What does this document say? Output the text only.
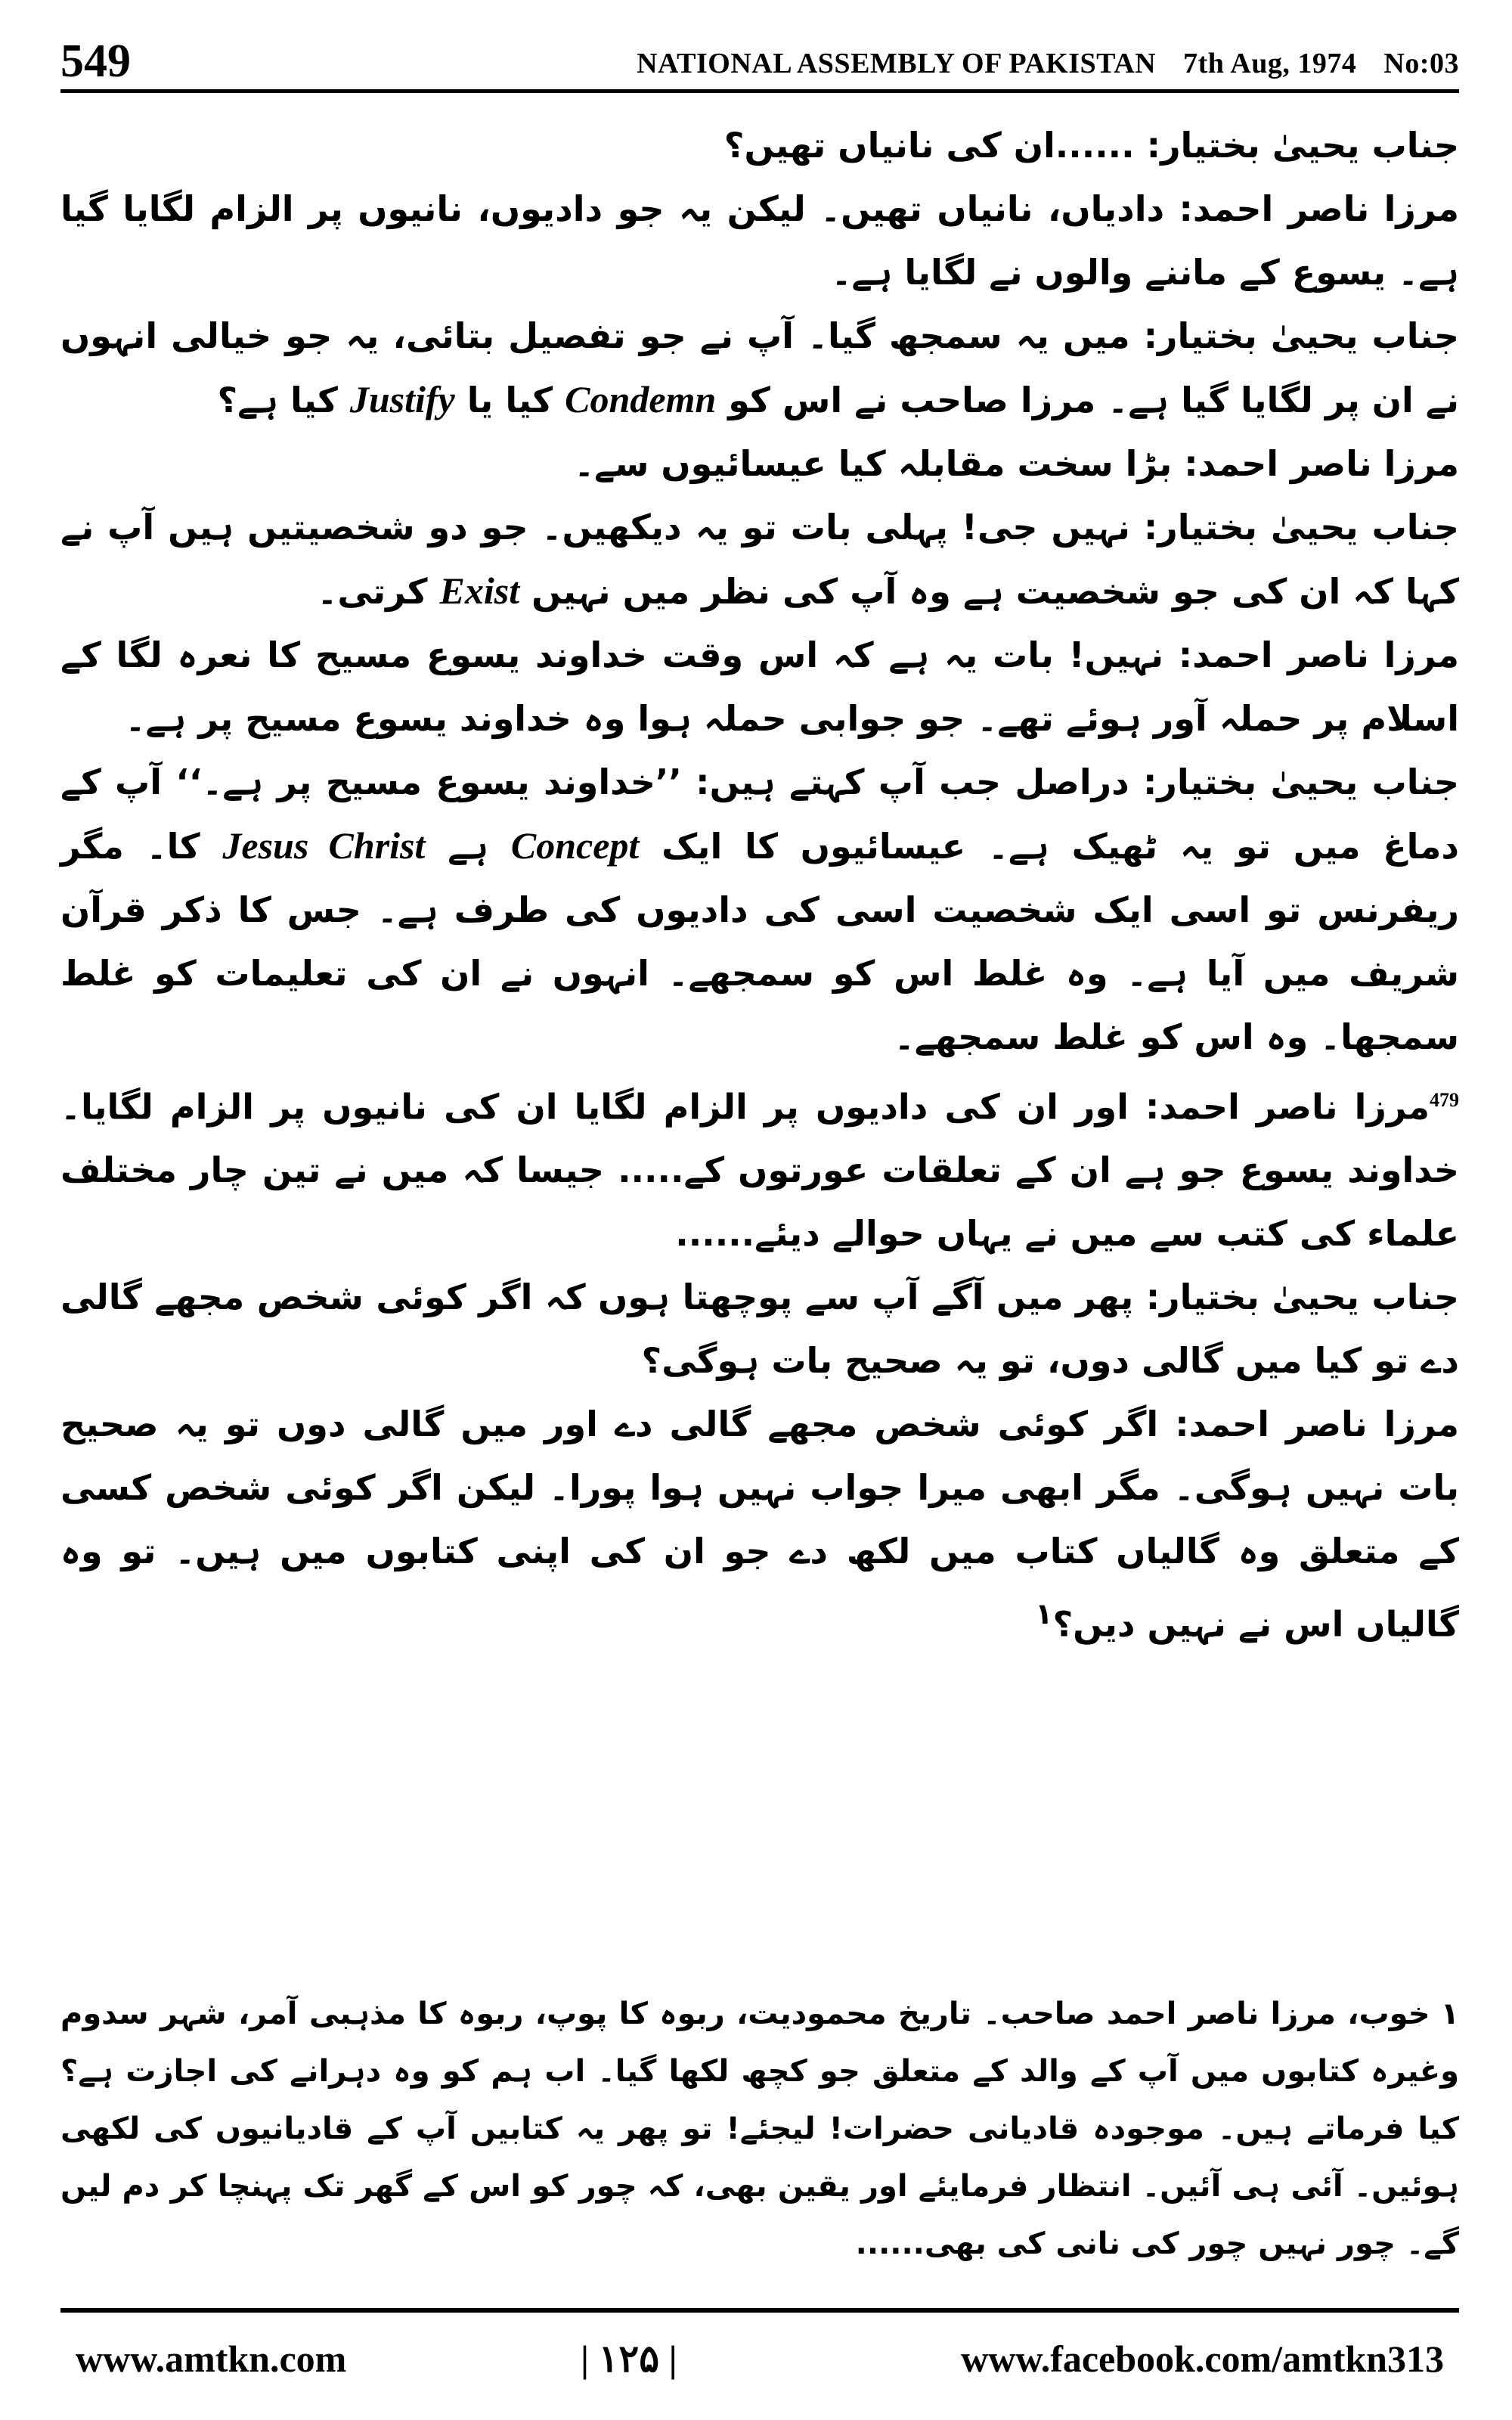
549	NATIONAL ASSEMBLY OF PAKISTAN 7th Aug, 1974 No:03

جناب یحییٰ بختیار : ......ان کی نانیاں تھیں؟

مرزا ناصر احمد : دادیاں، نانیاں تھیں۔ لیکن یہ جو دادیوں، نانیوں پر الزام لگایا گیا ہے۔ یسوع کے ماننے والوں نے لگایا ہے۔

جناب یحییٰ بختیار : میں یہ سمجھ گیا۔ آپ نے جو تفصیل بتائی، یہ جو خیالی انہوں نے ان پر لگایا گیا ہے۔ مرزا صاحب نے اس کو Condemn کیا یا Justify کیا ہے؟

مرزا ناصر احمد : بڑا سخت مقابلہ کیا عیسائیوں سے۔

جناب یحییٰ بختیار : نہیں جی! پہلی بات تو یہ دیکھیں۔ جو دو شخصیتیں ہیں آپ نے کہا کہ ان کی جو شخصیت ہے وہ آپ کی نظر میں نہیں Exist کرتی۔

مرزا ناصر احمد : نہیں! بات یہ ہے کہ اس وقت خداوند یسوع مسیح کا نعرہ لگا کے اسلام پر حملہ آور ہوئے تھے۔ جو جوابی حملہ ہوا وہ خداوند یسوع مسیح پر ہے۔

جناب یحییٰ بختیار : دراصل جب آپ کہتے ہیں: ’’خداوند یسوع مسیح پر ہے۔‘‘ آپ کے دماغ میں تو یہ ٹھیک ہے۔ عیسائیوں کا ایک Concept ہے Jesus Christ کا۔ مگر ریفرنس تو اسی ایک شخصیت اسی کی دادیوں کی طرف ہے۔ جس کا ذکر قرآن شریف میں آیا ہے۔ وہ غلط اس کو سمجھے۔ انہوں نے ان کی تعلیمات کو غلط سمجھا۔ وہ اس کو غلط سمجھے۔

$^{479}$مرزا ناصر احمد : اور ان کی دادیوں پر الزام لگایا ان کی نانیوں پر الزام لگایا۔ خداوند یسوع جو ہے ان کے تعلقات عورتوں کے..... جیسا کہ میں نے تین چار مختلف علماء کی کتب سے میں نے یہاں حوالے دیئے......

جناب یحییٰ بختیار : پھر میں آگے آپ سے پوچھتا ہوں کہ اگر کوئی شخص مجھے گالی دے تو کیا میں گالی دوں، تو یہ صحیح بات ہوگی؟

مرزا ناصر احمد : اگر کوئی شخص مجھے گالی دے اور میں گالی دوں تو یہ صحیح بات نہیں ہوگی۔ مگر ابھی میرا جواب نہیں ہوا پورا۔ لیکن اگر کوئی شخص کسی کے متعلق وہ گالیاں کتاب میں لکھ دے جو ان کی اپنی کتابوں میں ہیں۔ تو وہ گالیاں اس نے نہیں دیں؟$^۱$

۱خوب، مرزا ناصر احمد صاحب۔ تاریخ محمودیت، ربوہ کا پوپ، ربوہ کا مذہبی آمر، شہر سدوم وغیرہ کتابوں میں آپ کے والد کے متعلق جو کچھ لکھا گیا۔ اب ہم کو وہ دہرانے کی اجازت ہے؟ کیا فرماتے ہیں۔ موجودہ قادیانی حضرات! لیجئے! تو پھر یہ کتابیں آپ کے قادیانیوں کی لکھی ہوئیں۔ آئی ہی آئیں۔ انتظار فرمایئے اور یقین بھی، کہ چور کو اس کے گھر تک پہنچا کر دم لیں گے۔ چور نہیں چور کی نانی کی بھی......
www.amtkn.com	| ۱۲۵ |	www.facebook.com/amtkn313
